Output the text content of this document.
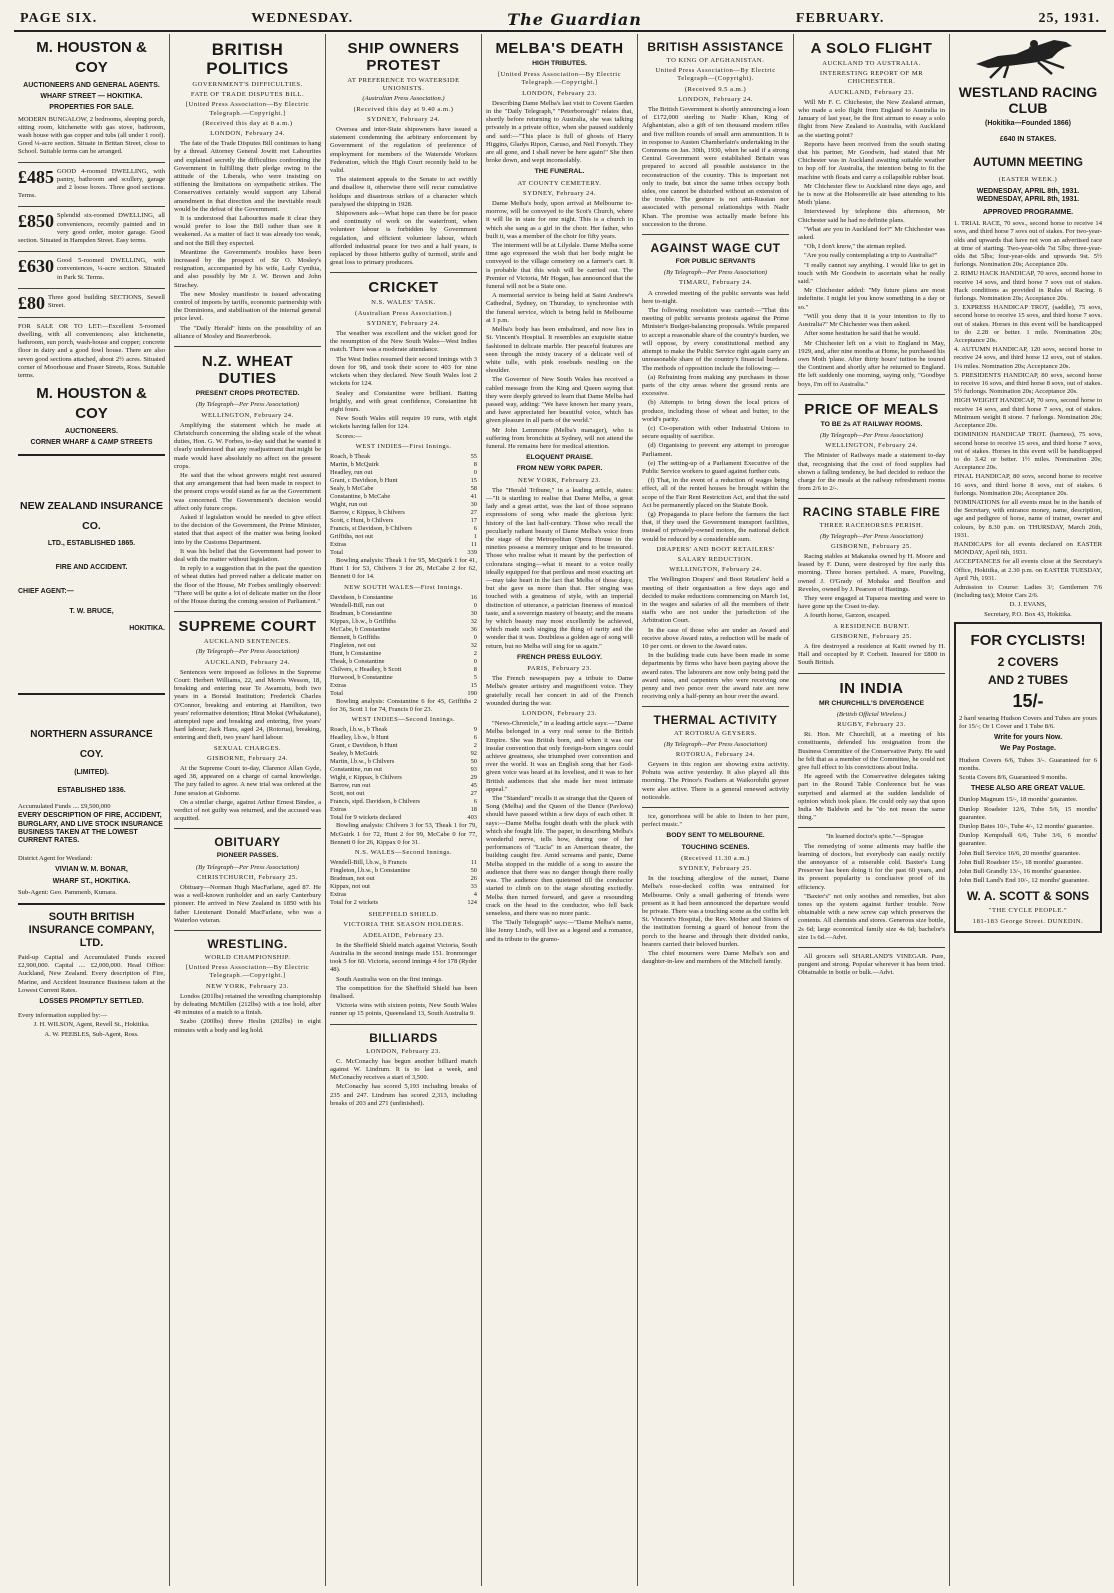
PAGE SIX.	WEDNESDAY.	The Guardian	FEBRUARY.	25, 1931.
M. HOUSTON & COY
AUCTIONEERS AND GENERAL AGENTS.
WHARF STREET — HOKITIKA.
PROPERTIES FOR SALE.

MODERN BUNGALOW, 2 bedrooms, sleeping porch, sitting room, kitchenette with gas stove, bathroom, wash house with gas copper and tubs (all under 1 roof). Good ¼-acre section. Situate in Brittan Street, close to School. Suitable terms can be arranged.

£485 GOOD 4-roomed DWELLING, with pantry, bathroom and scullery, garage and 2 loose boxes. Three good sections. Terms.

£850 Splendid six-roomed DWELLING, all conveniences, recently painted and in very good order, motor garage. Good section. Situated in Hampden Street. Easy terms.

£630 Good 5-roomed DWELLING, with conveniences, ¼-acre section. Situated in Park St. Terms.

£80 Three good building SECTIONS, Sewell Street.

FOR SALE OR TO LET:—Excellent 5-roomed dwelling, with all conveniences; also kitchenette, bathroom, sun porch, wash-house and copper; concrete floor in dairy and a good fowl house. There are also seven good sections attached, about 2½ acres. Situated corner of Moorhouse and Fraser Streets, Ross. Suitable terms.

M. HOUSTON & COY
AUCTIONEERS.
CORNER WHARF & CAMP STREETS
NEW ZEALAND INSURANCE CO.
LTD., ESTABLISHED 1865.
FIRE AND ACCIDENT.
CHIEF AGENT:—
T. W. BRUCE,
HOKITIKA.
NORTHERN ASSURANCE COY.
(LIMITED).
ESTABLISHED 1836.

Accumulated Funds .... £9,500,000

EVERY DESCRIPTION OF FIRE, ACCIDENT, BURGLARY, AND LIVE STOCK INSURANCE BUSINESS TAKEN AT THE LOWEST CURRENT RATES.

District Agent for Westland:

VIVIAN W. M. BONAR,
WHARF ST., HOKITIKA.

Sub-Agent: Geo. Pammenb, Kumara.

SOUTH BRITISH INSURANCE COMPANY, LTD.

Paid-up Capital and Accumulated Funds exceed £2,900,000. Capital .... £2,000,000. Head Office: Auckland, New Zealand. Every description of Fire, Marine, and Accident Insurance Business taken at the Lowest Current Rates.

LOSSES PROMPTLY SETTLED.

Every information supplied by:—

J. H. WILSON, Agent, Revell St., Hokitika.

A. W. PEEBLES, Sub-Agent, Ross.

BRITISH POLITICS
GOVERNMENT'S DIFFICULTIES.
FATE OF TRADE DISPUTES BILL.
[United Press Association—By Electric Telegraph.—Copyright.]
(Received this day at 8 a.m.)
LONDON, February 24.

The fate of the Trade Disputes Bill continues to hang by a thread. Attorney General Jowitt met Labourites and explained secretly the difficulties confronting the Government in fulfilling their pledge owing to the attitude of the Liberals, who were insisting on stiffening the limitations on sympathetic strikes. The Conservatives certainly would support any Liberal amendment in that direction and the inevitable result would be the defeat of the Government.

It is understood that Labourites made it clear they would prefer to lose the Bill rather than see it weakened. As a matter of fact it was already too weak, and not the Bill they expected.

Meantime the Government's troubles have been increased by the prospect of Sir O. Mosley's resignation, accompanied by his wife, Lady Cynthia, and also possibly by Mr J. W. Brown and John Strachey.

The new Mosley manifesto is issued advocating control of imports by tariffs, economic partnership with the Dominions, and stabilisation of the internal general price level.

The "Daily Herald" hints on the possibility of an alliance of Mosley and Beaverbrook.

N.Z. WHEAT DUTIES
PRESENT CROPS PROTECTED.
(By Telegraph—Per Press Association)
WELLINGTON, February 24.

Amplifying the statement which he made at Christchurch concerning the sliding scale of the wheat duties, Hon. G. W. Forbes, to-day said that he wanted it clearly understood that any readjustment that might be made would have absolutely no affect on the present crops.

He said that the wheat growers might rest assured that any arrangement that had been made in respect to the present crops would stand as far as the Government was concerned. The Government's decision would affect only future crops.

Asked if legislation would be needed to give effect to the decision of the Government, the Prime Minister, stated that that aspect of the matter was being looked into by the Customs Department.

It was his belief that the Government had power to deal with the matter without legislation.

In reply to a suggestion that in the past the question of wheat duties had proved rather a delicate matter on the floor of the House, Mr Forbes smilingly observed: "There will be quite a lot of delicate matter on the floor of the House during the coming session of Parliament."

SUPREME COURT
AUCKLAND SENTENCES.
(By Telegraph—Per Press Association)
AUCKLAND, February 24.

Sentences were imposed as follows in the Supreme Court: Herbert Williams, 22, and Morris Wesson, 18, breaking and entering near Te Awamutu, both two years in a Borstal Institution; Frederick Charles O'Connor, breaking and entering at Hamilton, two years' reformative detention; Hirai Mokai (Whakatane), attempted rape and breaking and entering, five years' hard labour; Jack Hans, aged 24, (Rotorua), breaking, entering and theft, two years' hard labour.

SEXUAL CHARGES.
GISBORNE, February 24.

At the Supreme Court to-day, Clarence Allan Gyde, aged 38, appeared on a charge of carnal knowledge. The jury failed to agree. A new trial was ordered at the June session at Gisborne.

On a similar charge, against Arthur Ernest Bindee, a verdict of not guilty was returned, and the accused was acquitted.

OBITUARY
PIONEER PASSES.
(By Telegraph—Per Press Association)
CHRISTCHURCH, February 25.

Obituary—Norman Hugh MacFarlane, aged 87. He was a well-known runholder and an early Canterbury pioneer. He arrived in New Zealand in 1850 with his father Lieutenant Donald MacFarlane, who was a Waterloo veteran.

WRESTLING.
WORLD CHAMPIONSHIP.
[United Press Association—By Electric Telegraph.—Copyright.]
NEW YORK, February 23.

Londos (201lbs) retained the wrestling championship by defeating McMillen (212lbs) with a toe hold, after 49 minutes of a match to a finish.

Szabo (200lbs) threw Heslin (202lbs) in eight minutes with a body and leg hold.

SHIP OWNERS PROTEST
AT PREFERENCE TO WATERSIDE UNIONISTS.
(Australian Press Association.)
(Received this day at 9.40 a.m.)
SYDNEY, February 24.

Oversea and inter-State shipowners have issued a statement condemning the arbitrary enforcement by Government of the regulation of preference of employment for members of the Waterside Workers Federation, which the High Court recently held to be valid.

The statement appeals to the Senate to act swiftly and disallow it, otherwise there will recur cumulative holdups and disastrous strikes of a character which paralysed the shipping in 1928.

Shipowners ask—What hope can there be for peace and continuity of work on the waterfront, when volunteer labour is forbidden by Government regulation, and efficient volunteer labour, which afforded industrial peace for two and a half years, is replaced by those hitherto guilty of turmoil, strife and great loss to primary producers.

CRICKET
N.S. WALES' TASK.
(Australian Press Association.)
SYDNEY, February 24.

The weather was excellent and the wicket good for the resumption of the New South Wales—West Indies match. There was a moderate attendance.

The West Indies resumed their second innings with 3 down for 98, and took their score to 403 for nine wickets when they declared. New South Wales lost 2 wickets for 124.

Sealey and Constantine were brilliant. Batting brightly, and with great confidence, Constantine hit eight fours.

New South Wales still require 19 runs, with eight wickets having fallen for 124.

Scores:—

WEST INDIES—First Innings.
Roach, b Theak	55
Martin, b McQuirk	8
Headley, run out	0
Grant, c Davidson, b Hunt	15
Sealy, b McCabe	58
Constantine, b McCabe	41
Wight, run out	30
Barrow, c Kippax, b Chilvers	27
Scott, c Hunt, b Chilvers	17
Francis, st Davidson, b Chilvers	6
Griffiths, not out	1
Extras	11
Total	339

Bowling analysis: Theak 1 for 95, McQuirk 1 for 41, Hunt 1 for 53, Chilvers 3 for 26, McCabe 2 for 62, Bennett 0 for 14.

NEW SOUTH WALES—First Innings.
Davidson, b Constantine	16
Wendell-Bill, run out	0
Bradman, b Constantine	30
Kippax, l.b.w., b Griffiths	32
McCabe, b Constantine	36
Bennett, b Griffiths	0
Fingleton, not out	32
Hunt, b Constantine	2
Theak, b Constantine	0
Chilvers, c Headley, b Scott	8
Hurwood, b Constantine	5
Extras	15
Total	190

Bowling analysis: Constantine 6 for 45, Griffiths 2 for 36, Scott 1 for 74, Francis 0 for 23.

WEST INDIES—Second Innings.
Roach, l.b.w., b Theak	9
Headley, l.b.w., b Hunt	6
Grant, c Davidson, b Hunt	2
Sealey, b McGuirk	92
Martin, l.b.w., b Chilvers	50
Constantine, run out	93
Wight, c Kippax, b Chilvers	29
Barrow, run out	45
Scott, not out	27
Francis, stpd. Davidson, b Chilvers	6
Extras	18
Total for 9 wickets declared	403

Bowling analysis: Chilvers 3 for 53, Theak 1 for 79, McGuirk 1 for 72, Hunt 2 for 99, McCabe 0 for 77, Bennett 0 for 26, Kippax 0 for 31.

N.S. WALES—Second Innings.
Wendell-Bill, l.b.w., b Francis	11
Fingleton, l.b.w., b Constantine	50
Bradman, not out	26
Kippax, not out	33
Extras	4
Total for 2 wickets	124
SHEFFIELD SHIELD.
VICTORIA THE SEASON HOLDERS.
ADELAIDE, February 23.

In the Sheffield Shield match against Victoria, South Australia in the second innings made 151. Ironmonger took 5 for 60. Victoria, second innings 4 for 178 (Ryder 48).

South Australia won on the first innings.

The competition for the Sheffield Shield has been finalised.

Victoria wins with sixteen points, New South Wales runner up 15 points, Queensland 13, South Australia 9.

BILLIARDS
LONDON, February 23.

C. McConachy has begun another billiard match against W. Lindrum. It is to last a week, and McConachy receives a start of 3,500.

McConachy has scored 5,193 including breaks of 235 and 247. Lindrum has scored 2,313, including breaks of 203 and 271 (unfinished).

MELBA'S DEATH
HIGH TRIBUTES.
[United Press Association—By Electric Telegraph.—Copyright.]
LONDON, February 23.

Describing Dame Melba's last visit to Covent Garden in the "Daily Telegraph," "Peterborough" relates that, shortly before returning to Australia, she was talking privately in a private office, when she paused suddenly and said:—"This place is full of ghosts of Harry Higgins, Gladys Ripon, Caruso, and Neil Forsyth. They are all gone, and I shall never be here again!" She then broke down, and wept inconsolably.

THE FUNERAL.
AT COUNTY CEMETERY.
SYDNEY, February 24.

Dame Melba's body, upon arrival at Melbourne to-morrow, will be conveyed to the Scot's Church, where it will lie in state for one night. This is a church in which she sang as a girl in the choir. Her father, who built it, was a member of the choir for fifty years.

The interment will be at Lilydale. Dame Melba some time ago expressed the wish that her body might be conveyed to the village cemetery on a farmer's cart. It is probable that this wish will be carried out. The Premier of Victoria, Mr Hogan, has announced that the funeral will not be a State one.

A memorial service is being held at Saint Andrew's Cathedral, Sydney, on Thursday, to synchronise with the funeral service, which is being held in Melbourne at 1 p.m.

Melba's body has been embalmed, and now lies in St. Vincent's Hospital. It resembles an exquisite statue fashioned in delicate marble. Her peaceful features are seen through the misty tracery of a delicate veil of white tulle, with pink rosebuds nestling on the shoulder.

The Governor of New South Wales has received a cabled message from the King and Queen saying that they were deeply grieved to learn that Dame Melba had passed way, adding: "We have known her many years, and have appreciated her beautiful voice, which has given pleasure in all parts of the world."

Mr John Lemmone (Melba's manager), who is suffering from bronchitis at Sydney, will not attend the funeral. He remains here for medical attention.

ELOQUENT PRAISE.
FROM NEW YORK PAPER.
NEW YORK, February 23.

The "Herald Tribune," in a leading article, states:—"It is startling to realise that Dame Melba, a great lady and a great artist, was the last of those soprano expressions of song who made the glorious lyric history of the last half-century. Those who recall the peculiarly radiant beauty of Dame Melba's voice from the stage of the Metropolitan Opera House in the nineties possess a memory unique and to be treasured. Those who realise what it meant by the perfection of coloratura singing—what it meant to a voice really ideally equipped for that perilous and most exacting art—may take heart in the fact that Melba of those days; but she gave us more than that. Her singing was touched with a greatness of style, with an imperial distinction of utterance, a patrician fineness of musical taste, and a sovereign mastery of beauty; and the means by which beauty may most excellently be achieved, which made such singing the thing of rarity and the wonder that it was. Doubtless a golden age of song will return, but no Melba will sing for us again."

FRENCH PRESS EULOGY.
PARIS, February 23.

The French newspapers pay a tribute to Dame Melba's greater artistry and magnificent voice. They gratefully recall her concert in aid of the French wounded during the war.

LONDON, February 23.

"News-Chronicle," in a leading article says:—"Dame Melba belonged in a very real sense to the British Empire. She was British born, and when it was our insular convention that only foreign-born singers could achieve greatness, she triumphed over convention and over the world. It was an English song that her God-given voice was heard at its loveliest, and it was to her British audiences that she made her most intimate appeal."

The "Standard" recalls it as strange that the Queen of Song (Melba) and the Queen of the Dance (Pavlova) should have passed within a few days of each other. It says:—Dame Melba fought death with the pluck with which she fought life. The paper, in describing Melba's wonderful nerve, tells how, during one of her performances of "Lucia" in an American theatre, the building caught fire. Amid screams and panic, Dame Melba stopped in the middle of a song to assure the audience that there was no danger though there really was. The audience then quietened till the conductor started to climb on to the stage shouting excitedly. Melba then turned forward, and gave a resounding crack on the head to the conductor, who fell back senseless, and there was no more panic.

The "Daily Telegraph" says:—"Dame Melba's name, like Jenny Lind's, will live as a legend and a romance, and its tribute to the gramo-

BRITISH ASSISTANCE
TO KING OF AFGHANISTAN.
United Press Association—By Electric Telegraph—(Copyright).
(Received 9.5 a.m.)
LONDON, February 24.

The British Government is shortly announcing a loan of £172,000 sterling to Nadir Khan, King of Afghanistan, also a gift of ten thousand modern rifles and five million rounds of small arm ammunition. It is in response to Austen Chamberlain's undertaking in the Commons on Jan. 30th, 1930, when he said if a strong Central Government were established Britain was prepared to accord all possible assistance in the reconstruction of the country. This is important not only to trade, but since the same tribes occupy both sides, one cannot be disturbed without an extension of the trouble. The gesture is not anti-Russian nor associated with personal relationships with Nadir Khan. The promise was actually made before his succession to the throne.

AGAINST WAGE CUT
FOR PUBLIC SERVANTS
(By Telegraph—Per Press Association)
TIMARU, February 24.

A crowded meeting of the public servants was held here to-night.

The following resolution was carried:—"That this meeting of public servants protests against the Prime Minister's Budget-balancing proposals. While prepared to accept a reasonable share of the country's burden, we will oppose, by every constitutional method any attempt to make the Public Service right again carry an unreasonable share of the country's financial burdens. The methods of opposition include the following:—

(a) Refraining from making any purchases in those parts of the city areas where the ground rents are excessive.

(b) Attempts to bring down the local prices of produce, including those of wheat and butter, to the world's parity.

(c) Co-operation with other Industrial Unions to secure equality of sacrifice.

(d) Organising to prevent any attempt to prorogue Parliament.

(e) The setting-up of a Parliament Executive of the Public Service workers to guard against further cuts.

(f) That, in the event of a reduction of wages being effect, all of the rented houses be brought within the scope of the Fair Rent Restriction Act, and that the said Act be permanently placed on the Statute Book.

(g) Propaganda to place before the farmers the fact that, if they used the Government transport facilities, instead of privately-owned motors, the national deficit would be reduced by a considerable sum.

DRAPERS' AND BOOT RETAILERS'
SALARY REDUCTION.
WELLINGTON, February 24.

The Wellington Drapers' and Boot Retailers' held a meeting of their organisation a few days ago and decided to make reductions commencing on March 1st, in the wages and salaries of all the members of their staffs who are not under the jurisdiction of the Arbitration Court.

In the case of those who are under an Award and receive above Award rates, a reduction will be made of 10 per cent. or down to the Award rates.

In the building trade cuts have been made in some departments by firms who have been paying above the award rates. The labourers are now only being paid the award rates, and carpenters who were receiving one penny and two pence over the award rate are now receiving only a half-penny an hour over the award.

THERMAL ACTIVITY
AT ROTORUA GEYSERS.
(By Telegraph—Per Press Association)
ROTORUA, February 24.

Geysers in this region are showing extra activity. Pohutu was active yesterday. It also played all this morning. The Prince's Feathers at Waikorohihi geyser were also active. There is a general renewed activity noticeable.

ice, gonorrhoea will be able to listen to her pure, perfect music."

BODY SENT TO MELBOURNE.
TOUCHING SCENES.
(Received 11.30 a.m.)
SYDNEY, February 25.

In the touching afterglow of the sunset, Dame Melba's rose-decked coffin was entrained for Melbourne. Only a small gathering of friends were present as it had been announced the departure would be private. There was a touching scene as the coffin left St. Vincent's Hospital, the Rev. Mother and Sisters of the institution forming a guard of honour from the porch to the hearse and through their divided ranks, bearers carried their beloved burden.

The chief mourners were Dame Melba's son and daughter-in-law and members of the Mitchell family.

A SOLO FLIGHT
AUCKLAND TO AUSTRALIA.
INTERESTING REPORT OF MR CHICHESTER.
AUCKLAND, February 23.

Will Mr F. C. Chichester, the New Zealand airman, who made a solo flight from England to Australia in January of last year, be the first airman to essay a solo flight from New Zealand to Australia, with Auckland as the starting point?

Reports have been received from the south stating that his partner, Mr Goodwin, had stated that Mr Chichester was in Auckland awaiting suitable weather to hop off for Australia, the intention being to fit the machine with floats and carry a collapsible rubber boat.

Mr Chichester flew to Auckland nine days ago, and he is now at the Hobsonville air base attending to his Moth 'plane.

Interviewed by telephone this afternoon, Mr Chichester said he had no definite plans.

"What are you in Auckland for?" Mr Chichester was asked.

"Oh, I don't know," the airman replied.

"Are you really contemplating a trip to Australia?"

"I really cannot say anything. I would like to get in touch with Mr Goodwin to ascertain what he really said."

Mr Chichester added: "My future plans are most indefinite. I might let you know something in a day or so."

"Will you deny that it is your intention to fly to Australia?" Mr Chichester was then asked.

After some hesitation he said that he would.

Mr Chichester left on a visit to England in May, 1929, and, after nine months at Home, he purchased his own Moth 'plane. After thirty hours' tuition he toured the Continent and shortly after he returned to England. He left suddenly one morning, saying only, "Goodbye boys, I'm off to Australia."

PRICE OF MEALS
TO BE 2s AT RAILWAY ROOMS.
(By Telegraph—Per Press Association)
WELLINGTON, February 24.

The Minister of Railways made a statement to-day that, recognising that the cost of food supplies had shown a falling tendency, he had decided to reduce the charge for the meals at the railway refreshment rooms from 2/6 to 2/-.

RACING STABLE FIRE
THREE RACEHORSES PERISH.
(By Telegraph—Per Press Association)
GISBORNE, February 25.

Racing stables at Makaraka owned by H. Moore and leased by F. Dunn, were destroyed by fire early this morning. Three horses perished. A mare, Prawling, owned J. O'Grady of Mohaka and Bouffon and Reveles, owned by J. Pearson of Hastings.

They were engaged at Tuparoa meeting and were to have gone up the Coast to-day.

A fourth horse, Garzon, escaped.

A RESIDENCE BURNT.
GISBORNE, February 25.

A fire destroyed a residence at Kaiti owned by H. Hall and occupied by P. Corbett. Insured for £800 in South British.

IN INDIA
MR CHURCHILL'S DIVERGENCE
(British Official Wireless.)
RUGBY, February 23.

Rt. Hon. Mr Churchill, at a meeting of his constituents, defended his resignation from the Business Committee of the Conservative Party. He said he felt that as a member of the Committee, he could not give full effect to his convictions about India.

He agreed with the Conservative delegates taking part in the Round Table Conference but he was surprised and alarmed at the sudden landslide of opinion which took place. He could only say that upon India Mr Baldwin and he "do not mean the same thing."

"In learned doctor's spite."—Sprague

The remedying of some ailments may baffle the learning of doctors, but everybody can easily rectify the annoyance of a miserable cold. Baxter's Lung Preserver has been doing it for the past 60 years, and its present popularity is conclusive proof of its efficiency.

"Baxter's" not only soothes and remedies, but also tones up the system against further trouble. Now obtainable with a new screw cap which preserves the contents. All chemists and stores. Generous size bottle, 2s 6d; large economical family size 4s 6d; bachelor's size 1s 6d.—Advt.

All grocers sell SHARLAND'S VINEGAR. Pure, pungent and strong. Popular wherever it has been tried. Obtainable in bottle or bulk.—Advt.

WESTLAND RACING CLUB
(Hokitika—Founded 1866)
£640 IN STAKES.
AUTUMN MEETING
(EASTER WEEK.)
WEDNESDAY, APRIL 8th, 1931. WEDNESDAY, APRIL 8th, 1931.
APPROVED PROGRAMME.

1. TRIAL RACE, 70 sovs., second horse to receive 14 sovs, and third horse 7 sovs out of stakes. For two-year-olds and upwards that have not won an advertised race at time of starting. Two-year-olds 7st 5lbs; three-year-olds 8st 5lbs; four-year-olds and upwards 9st. 5½ furlongs. Nomination 20s; Acceptance 20s.

2. RIMU HACK HANDICAP, 70 sovs, second horse to receive 14 sovs, and third horse 7 sovs out of stakes. Hack conditions as provided in Rules of Racing. 6 furlongs. Nomination 20s; Acceptance 20s.

3. EXPRESS HANDICAP TROT, (saddle), 75 sovs, second horse to receive 15 sovs, and third horse 7 sovs. out of stakes. Horses in this event will be handicapped to do 2.28 or better. 1 mile. Nomination 20s; Acceptance 20s.

4. AUTUMN HANDICAP, 120 sovs, second horse to receive 24 sovs, and third horse 12 sovs, out of stakes. 1¼ miles. Nomination 20s; Acceptance 20s.

5. PRESIDENTS HANDICAP, 80 sovs, second horse to receive 16 sovs, and third horse 8 sovs, out of stakes. 5½ furlongs. Nomination 20s; Acceptance 20s.

HIGH WEIGHT HANDICAP, 70 sovs, second horse to receive 14 sovs, and third horse 7 sovs, out of stakes. Minimum weight 8 stone. 7 furlongs. Nomination 20s; Acceptance 20s.

DOMINION HANDICAP TROT. (harness), 75 sovs, second horse to receive 15 sovs, and third horse 7 sovs, out of stakes. Horses in this event will be handicapped to do 3.42 or better. 1½ miles. Nomination 20s; Acceptance 20s.

FINAL HANDICAP, 80 sovs, second horse to receive 16 sovs, and third horse 8 sovs, out of stakes. 6 furlongs. Nomination 20s; Acceptance 20s.

NOMINATIONS for all events must be in the hands of the Secretary, with entrance money, name, description, age and pedigree of horse, name of trainer, owner and colours, by 8.30 p.m. on THURSDAY, March 26th, 1931.

HANDICAPS for all events declared on EASTER MONDAY, April 6th, 1931.

ACCEPTANCES for all events close at the Secretary's Office, Hokitika, at 2.30 p.m. on EASTER TUESDAY, April 7th, 1931.

Admission to Course: Ladies 3/; Gentlemen 7/6 (including tax); Motor Cars 2/6.

D. J. EVANS,

Secretary, P.O. Box 43, Hokitika.

FOR CYCLISTS!
2 COVERS
AND 2 TUBES
15/-

2 hard wearing Hudson Covers and Tubes are yours for 15/-; Or 1 Cover and 1 Tube 8/6.

Write for yours Now.
We Pay Postage.

Hudson Covers 6/6, Tubes 3/-. Guaranteed for 6 months.

Scotia Covers 8/6, Guaranteed 9 months.

THESE ALSO ARE GREAT VALUE.

Dunlop Magnum 15/-, 18 months' guarantee.

Dunlop Roadster 12/6, Tube 5/6, 15 months' guarantee.

Dunlop Bates 10/-, Tube 4/-, 12 months' guarantee.

Dunlop Kempshall 6/6, Tube 3/6, 6 months' guarantee.

John Bull Service 16/6, 20 months' guarantee.

John Bull Roadster 15/-, 18 months' guarantee.

John Bull Grandly 13/-, 16 months' guarantee.

John Bull Land's End 10/-, 12 months' guarantee.

W. A. SCOTT & SONS
"THE CYCLE PEOPLE."
181-183 George Street. DUNEDIN.
